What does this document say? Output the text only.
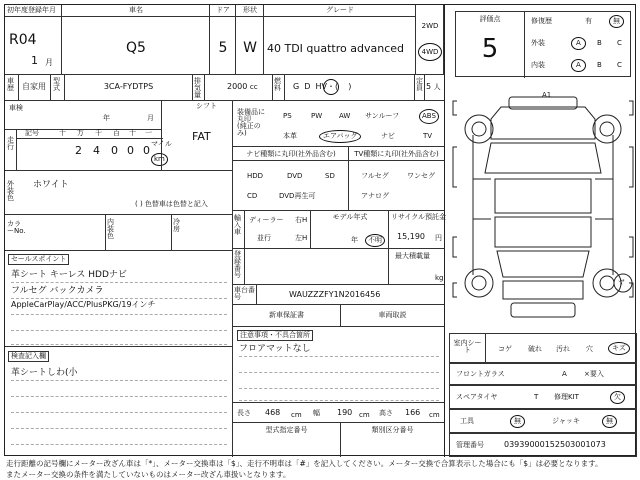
初年度登録年月
R04
1 月
車名
Q5
ドア
5
形状
W
グレード
40 TDI quattro advanced
2WD
4WD
車歴	自家用
型式	3CA-FYDTPS
排気量
2000 cc
燃料	G  D  HV・(    )
定員 5 人
車検
年	月
走行
記号	十 万 千 百 十 一
2 4 0 0 0 マイル
km
シフト
FAT
外装色
ホワイト
( ) 色替車は色替と記入
カラーNo.
内装色
冷房
セールスポイント
革シート キーレス HDDナビ
フルセグ バックカメラ
AppleCarPlay/ACC/PlusPKG/19インチ
検査記入欄
革シートしわ(小
装備品に丸印
(純正のみ)
PS	PW AW サンルーフ	ABS
本革	エアバッグ	ナビ	TV
ナビ種類に丸印(社外品含む)
HDD	DVD	SD
CD	DVD再生可
TV種類に丸印(社外品含む)
フルセグ	ワンセグ
アナログ
輸入車
ディーラー
並行
右H
左H
モデル年式
年	不明
リサイクル預託金
15,190 円
登録番号
最大積載量
kg
車台番号	WAUZZZFY1N2016456
新車保証書	車両取説
注意事項・不具合箇所
フロアマットなし
長さ 468 cm 幅 190 cm 高さ 166 cm
型式指定番号	類別区分番号
評価点
5
修復歴	有	無
外装	A	B C
内装	A	B C
A1
ヤ
室内シート	コゲ 破れ 汚れ 穴	キズ
フロントガラス	A ×要入
スペアタイヤ	T 修理KIT	欠
工具	無	ジャッキ	無
管理番号	03939000152503001073
走行距離の記号欄にメーター改ざん車は「*」、メーター交換車は「$」、走行不明車は「#」を記入してください。メーター交換で合算表示した場合にも「$」は必要となります。
またメーター交換の条件を満たしていないものはメーター改ざん車扱いとなります。
